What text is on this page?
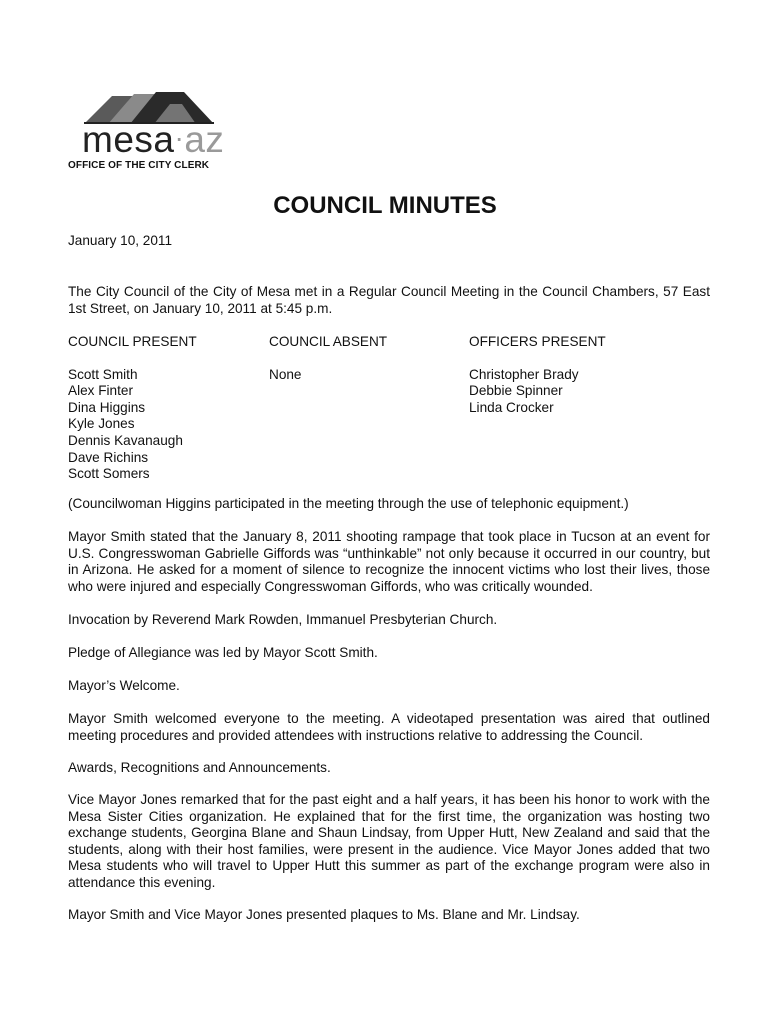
mesa·az
OFFICE OF THE CITY CLERK
COUNCIL MINUTES

January 10, 2011

The City Council of the City of Mesa met in a Regular Council Meeting in the Council Chambers, 57 East 1st Street, on January 10, 2011 at 5:45 p.m.

COUNCIL PRESENT

Scott Smith
Alex Finter
Dina Higgins
Kyle Jones
Dennis Kavanaugh
Dave Richins
Scott Somers

COUNCIL ABSENT

None

OFFICERS PRESENT

Christopher Brady
Debbie Spinner
Linda Crocker

(Councilwoman Higgins participated in the meeting through the use of telephonic equipment.)

Mayor Smith stated that the January 8, 2011 shooting rampage that took place in Tucson at an event for U.S. Congresswoman Gabrielle Giffords was “unthinkable” not only because it occurred in our country, but in Arizona. He asked for a moment of silence to recognize the innocent victims who lost their lives, those who were injured and especially Congresswoman Giffords, who was critically wounded.

Invocation by Reverend Mark Rowden, Immanuel Presbyterian Church.

Pledge of Allegiance was led by Mayor Scott Smith.

Mayor’s Welcome.

Mayor Smith welcomed everyone to the meeting. A videotaped presentation was aired that outlined meeting procedures and provided attendees with instructions relative to addressing the Council.

Awards, Recognitions and Announcements.

Vice Mayor Jones remarked that for the past eight and a half years, it has been his honor to work with the Mesa Sister Cities organization. He explained that for the first time, the organization was hosting two exchange students, Georgina Blane and Shaun Lindsay, from Upper Hutt, New Zealand and said that the students, along with their host families, were present in the audience. Vice Mayor Jones added that two Mesa students who will travel to Upper Hutt this summer as part of the exchange program were also in attendance this evening.

Mayor Smith and Vice Mayor Jones presented plaques to Ms. Blane and Mr. Lindsay.
